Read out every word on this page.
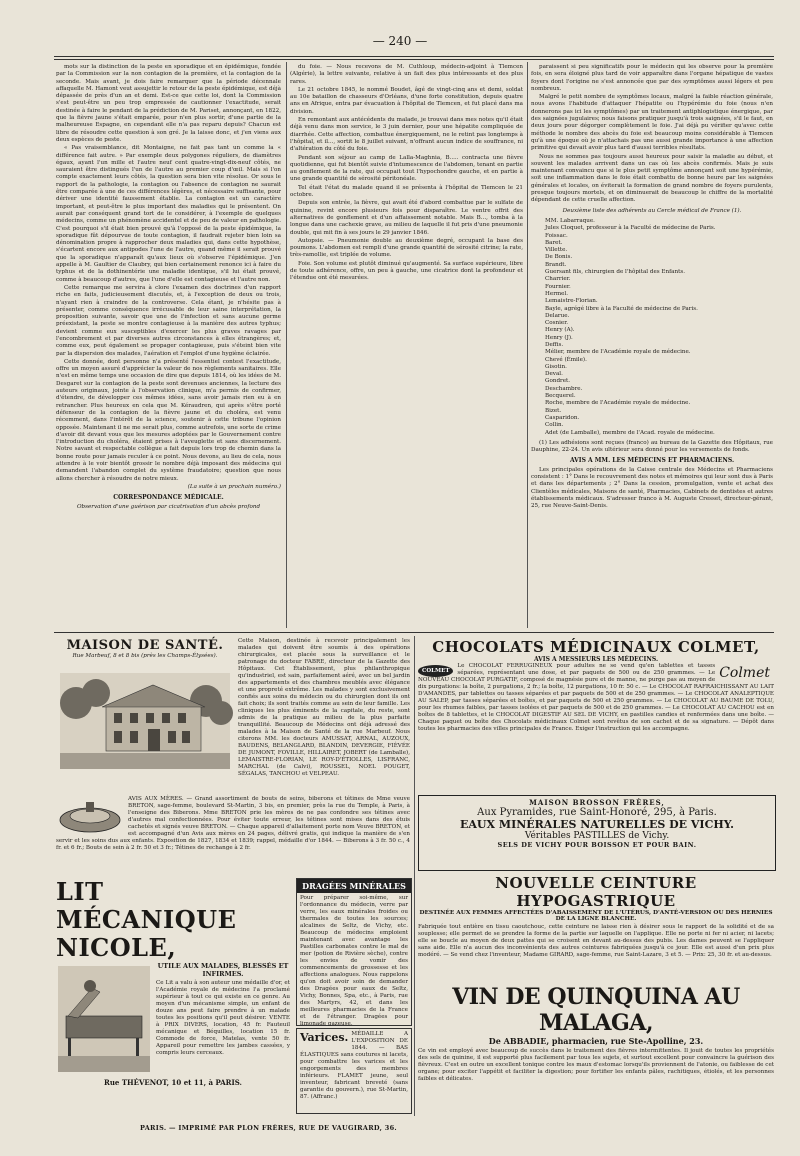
— 240 —

mots sur la distinction de la peste en sporadique et en épidémique, fondée par la Commission sur la non contagion de la première, et la contagion de la seconde. Mais avant, je dois faire remarquer que la période décennale affaquelle M. Hamont veut assujettir le retour de la peste épidémique, est déjà dépassée de près d'un an et demi. Est-ce que cette loi, dont la Commission s'est peut-être un peu trop empressée de cautionner l'exactitude, serait destinée à faire le pendant de la prédiction de M. Pariset, annonçant, en 1822, que la fièvre jaune s'était emparée, pour n'en plus sortir, d'une partie de la malheureuse Espagne, en cependant elle n'a pas reparu depuis? Chacun est libre de résoudre cette question à son gré. Je la laisse donc, et j'en viens aux deux espèces de peste.

« Pas vraisemblance, dit Montaigne, ne fait pas tant un comme la « différence fait autre. » Par exemple deux polygones réguliers, de diamètres égaux, ayant l'un mille et l'autre neuf cent quatre-vingt-dix-neuf côtés, ne sauraient être distingués l'un de l'autre au premier coup d'œil. Mais si l'on compte exactement leurs côtés, la question sera bien vite résolue. Or sous le rapport de la pathologie, la contagion ou l'absence de contagion ne saurait être comparée à une de ces différences légères, et nécessaire suffisante, pour dériver une identité faussement établie. La contagion est un caractère important, et peut-être le plus important des maladies qui le présentent. On aurait par conséquent grand tort de le considérer, à l'exemple de quelques médecins, comme un phénomène accidentel et de peu de valeur en pathologie. C'est pourquoi s'il était bien prouvé qu'à l'opposé de la peste épidémique, la sporadique fût dépourvue de toute contagion, il faudrait rejeter bien loin sa dénomination propre à rapprocher deux maladies qui, dans cette hypothèse, s'écartent encore aux antipodes l'une de l'autre, quand même il serait prouvé que la sporadique n'apparaît qu'aux lieux où s'observe l'épidémique. J'en appelle à M. Gaultier de Claubry, qui bien certainement renonce ici à faire du typhus et de la dothinentérie une maladie identique, s'il lui était prouvé, comme à beaucoup d'autres, que l'une d'elle est contagieuse et l'autre non.

Cette remarque me servira à clore l'examen des doctrines d'un rapport riche en faits, judicieusement discutés, et, à l'exception de deux ou trois, n'ayant rien à craindre de la controverse. Cela étant, je n'hésite pas à présenter, comme conséquence irrécusable de leur saine interprétation, la proposition suivante, savoir que une de l'infection et sans aucune germe préexistant, la peste se montre contagieuse à la manière des autres typhus; devient comme eux susceptibles d'exercer les plus graves ravages par l'encombrement et par diverses autres circonstances à elles étrangères; et, comme eux, peut également se propager contagieuse, puis s'éteint bien vite par la dispersion des malades, l'aération et l'emploi d'une hygiène éclairée.

Cette donnée, dont personne n'a présenté l'essentiel contest l'exactitude, offre un moyen assuré d'apprécier la valeur de nos règlements sanitaires. Elle n'est en même temps une occasion de dire que depuis 1814, où les idées de M. Desgaret sur la contagion de la peste sont devenues anciennes, la lecture des auteurs originaux, jointe à l'observation clinique, m'a permis de confirmer, d'étendre, de développer ces mêmes idées, sans avoir jamais rien eu à en retrancher. Plus heureux en cela que M. Kéraudren, qui après s'être porté défenseur de la contagion de la fièvre jaune et du choléra, est venu récemment, dans l'intérêt de la science, soutenir à cette tribune l'opinion opposée. Maintenant il ne me serait plus, comme autrefois, une sorte de crime d'avoir dit devant vous que les mesures adoptées par le Gouvernement contre l'introduction du choléra, étaient prises à l'aveuglette et sans discernement. Notre savant et respectable collègue a fait depuis lors trop de chemin dans la bonne route pour jamais reculer à ce point. Nous devons, au lieu de cela, nous attendre à le voir bientôt grossir le nombre déjà imposant des médecins qui demandent l'abandon complet du système fraudatoire; question que nous allons chercher à résoudre de notre mieux.

(La suite à un prochain numéro.)
CORRESPONDANCE MÉDICALE.

Observation d'une guérison par cicatrisation d'un abcès profond

du foie. — Nous recevons de M. Cuthloup, médecin-adjoint à Tlemcen (Algérie), la lettre suivante, relative à un fait des plus intéressants et des plus rares.

Le 21 octobre 1845, le nommé Boudet, âgé de vingt-cinq ans et demi, soldat au 10e bataillon de chasseurs d'Orléans, d'une forte constitution, depuis quatre ans en Afrique, entra par évacuation à l'hôpital de Tlemcen, et fut placé dans ma division.

En remontant aux antécédents du malade, je trouvai dans mes notes qu'il était déjà venu dans mon service, le 3 juin dernier, pour une hépatite compliquée de diarrhée. Cette affection, combattue énergiquement, ne le retint pas longtemps à l'hôpital, et il..., sortit le 8 juillet suivant, n'offrant aucun indice de souffrance, ni d'altération du côté du foie.

Pendant son séjour au camp de Lalla-Maghnia, B..... contracta une fièvre quotidienne, qui fut bientôt suivie d'intumescence de l'abdomen, tenant en partie au gonflement de la rate, qui occupait tout l'hypochondre gauche, et en partie à une grande quantité de sérosité péritonéale.

Tel était l'état du malade quand il se présenta à l'hôpital de Tlemcen le 21 octobre.

Depuis son entrée, la fièvre, qui avait été d'abord combattue par le sulfate de quinine, revint encore plusieurs fois pour disparaître. Le ventre offrit des alternatives de gonflement et d'un affaissement notable. Mais B..., tomba à la longue dans une cachexie grave, au milieu de laquelle il fut pris d'une pneumonie double, qui mit fin à ses jours le 29 janvier 1846.

Autopsie. — Pneumonie double au deuxième degré, occupant la base des poumons. L'abdomen est rempli d'une grande quantité de sérosité citrine; la rate, très-ramollie, est triplée de volume.

Foie. Son volume est plutôt diminué qu'augmenté. Sa surface supérieure, libre de toute adhérence, offre, un peu à gauche, une cicatrice dont la profondeur et l'étendue ont été mesurées.

paraissent si peu significatifs pour le médecin qui les observe pour la première fois, en sera éloigné plus tard de voir apparaître dans l'organe hépatique de vastes foyers dont l'origine ne s'est annoncée que par des symptômes aussi légers et peu nombreux.

Malgré le petit nombre de symptômes locaux, malgré la faible réaction générale, nous avons l'habitude d'attaquer l'hépatite ou l'hypérémie du foie (nous n'en donnerons pas ici les symptômes) par un traitement antiphlogistique énergique, par des saignées jugulaires; nous faisons pratiquer jusqu'à trois saignées, s'il le faut, en deux jours pour dégorger complètement le foie. J'ai déjà pu vérifier qu'avec cette méthode le nombre des abcès du foie est beaucoup moins considérable à Tlemcen qu'à une époque où je n'attachais pas une aussi grande importance à une affection primitive qui devait avoir plus tard d'aussi terribles résultats.

Nous ne sommes pas toujours aussi heureux pour saisir la maladie au début, et souvent les malades arrivent dans un cas où les abcès confirmés. Mais je suis maintenant convaincu que si le plus petit symptôme annonçant soit une hypérémie, soit une inflammation dans le foie était combattu de bonne heure par les saignées générales et locales, on éviterait la formation de grand nombre de foyers purulents, presque toujours mortels, et on diminuerait de beaucoup le chiffre de la mortalité dépendant de cette cruelle affection.

Deuxième liste des adhérents au Cercle médical de France (1).

MM. Labarraque.
Jules Cloquet, professeur à la Faculté de médecine de Paris.
Foissac.
Baret.
Villette.
De Bonis.
Brandt.
Guersant fils, chirurgien de l'hôpital des Enfants.
Charrier.
Fournier.
Hermel.
Lemaistre-Florian.
Bayle, agrégé libre à la Faculté de médecine de Paris.
Delarue.
Cosnier.
Henry (A).
Henry (J).
Deffis.
Mélier, membre de l'Académie royale de médecine.
Chevé (Émile).
Gisotin.
Deval.
Gondret.
Deschambre.
Becquerel.
Roche, membre de l'Académie royale de médecine.
Bizet.
Casparidon.
Collin.
Adet (de Lamballe), membre de l'Acad. royale de médecine.

(1) Les adhésions sont reçues (franco) au bureau de la Gazette des Hôpitaux, rue Dauphine, 22-24. Un avis ultérieur sera donné pour les versements de fonds.

AVIS A MM. LES MÉDECINS ET PHARMACIENS.

Les principales opérations de la Caisse centrale des Médecins et Pharmaciens consistent : 1° Dans le recouvrement des notes et mémoires qui leur sont dus à Paris et dans les départements ; 2° Dans la cession, promulgation, vente et achat des Clientèles médicales, Maisons de santé, Pharmacies, Cabinets de dentistes et autres établissements médicaux. S'adresser franco à M. Auguste Cresset, directeur-gérant, 25, rue Neuve-Saint-Denis.

MAISON DE SANTÉ.
Rue Marbeuf, 8 et 8 bis (près les Champs-Élysées).

Cette Maison, destinée à recevoir principalement les malades qui doivent être soumis à des opérations chirurgicales, est placée sous la surveillance et le patronage du docteur FABRE, directeur de la Gazette des Hôpitaux. Cet Établissement, plus philanthropique qu'industriel, est sain, parfaitement aéré, avec un bel jardin des appartements et des chambres meublés avec élégance et une propreté extrême. Les malades y sont exclusivement confiés aux soins du médecin ou du chirurgien dont ils ont fait choix; ils sont traités comme au sein de leur famille. Les cliniques les plus éminents de la capitale, du reste, sont admis de la pratique au milieu de la plus parfaite tranquillité. Beaucoup de Médecins ont déjà adressé des malades à la Maison de Santé de la rue Marbeuf. Nous citerons MM. les docteurs AMUSSAT, ARNAL, AUZOUX, BAUDENS, BELANGLARD, BLANDIN, DEVERGIE, FIÈVÉE DE JUMONT, FOVILLE, HILLAIRET, JOBERT (de Lamballe), LEMAISTRE-FLORIAN, LE ROY-D'ÉTIOLLES, LISFRANC, MARCHAL (de Calvi), ROUSSEL, NOEL POUGET, SÉGALAS, TANCHOU et VELPEAU.

AVIS AUX MÈRES. — Grand assortiment de bouts de seins, biberons et tétines de Mme veuve BRETON, sage-femme, boulevard St-Martin, 3 bis, en premier, près la rue du Temple, à Paris, à l'enseigne des Biberons. Mme BRETON prie les mères de ne pas confondre ses tétines avec d'autres mal confectionnées. Pour éviter toute erreur, les tétines sont mises dans des étuis cachetés et signés veuve BRETON. — Chaque appareil d'allaitement porte nom Veuve BRETON, et est accompagné d'un Avis aux mères en 24 pages, délivré gratis, qui indique la manière de s'en servir et les soins dus aux enfants. Exposition de 1827, 1834 et 1839; rappel, médaille d'or 1844. — Biberons à 3 fr. 50 c., 4 fr. et 6 fr.; Bouts de sein à 2 fr. 50 et 3 fr.; Tétines de rechange à 2 fr.

LIT MÉCANIQUE NICOLE,
UTILE AUX MALADES, BLESSÉS ET INFIRMES.
Ce Lit a valu à son auteur une médaille d'or, et l'Académie royale de médecine l'a proclamé supérieur à tout ce qui existe en ce genre. Au moyen d'un mécanisme simple, un enfant de douze ans peut faire prendre à un malade toutes les positions qu'il peut désirer. VENTE à PRIX DIVERS, location, 45 fr. Fauteuil mécanique et Béquilles, location 15 fr. Commode de force, Matelas, vente 50 fr. Appareil pour remettre les jambes cassées, y compris leurs cerceaux.
Rue THÉVENOT, 10 et 11, à PARIS.
DRAGÉES MINÉRALES
Pour préparer soi-même, sur l'ordonnance du médecin, verre par verre, les eaux minérales froides ou thermales de toutes les sources; alcalines de Seltz, de Vichy, etc. Beaucoup de médecins emploient maintenant avec avantage les Pastilles carbonates contre le mal de mer (potion de Rivière sèche), contre les envies de vomir des commencements de grossesse et les affections analogues. Nous rappelons qu'on doit avoir soin de demander des Dragées pour eaux de Seltz, Vichy, Bonnes, Spa, etc., à Paris, rue des Martyrs, 42, et dans les meilleures pharmacies de la France et de l'étranger. Dragées pour limonade gazeuse.
Varices. MÉDAILLE A L'EXPOSITION DE 1844. — BAS ÉLASTIQUES sans coutures ni lacets, pour combattre les varices et les engorgements des membres inférieurs. FLAMET jeune, seul inventeur, fabricant breveté (sans garantie du gouvern.), rue St-Martin, 87. (Affranc.)
CHOCOLATS MÉDICINAUX COLMET,
AVIS A MESSIEURS LES MÉDECINS.
COLMET	Colmet
Le CHOCOLAT FERRUGINEUX pour adultes ne se vend qu'en tablettes et tasses séparées, représentant une dose, et par paquets de 500 ou de 250 grammes. — Le NOUVEAU CHOCOLAT PURGATIF, composé de magnésie pure et de manne, ne purge pas au moyen de dix purgations: la boîte, 2 purgations, 2 fr.; la boîte, 12 purgations, 10 fr. 50 c. — Le CHOCOLAT RAFRAICHISSANT AU LAIT D'AMANDES, par tablettes ou tasses séparées et par paquets de 500 et de 250 grammes. — Le CHOCOLAT ANALEPTIQUE AU SALEP, par tasses séparées et boîtes, et par paquets de 500 et 250 grammes. — Le CHOCOLAT AU BAUME DE TOLU, pour les rhumes faibles, par tasses isolées et par paquets de 500 et de 250 grammes. — Le CHOCOLAT AU CACHOU est en boîtes de 8 tablettes, et le CHOCOLAT DIGESTIF AU SEL DE VICHY, en pastilles candies et renfermées dans une boîte. — Chaque paquet ou boîte des Chocolats médicinaux Colmet sont revêtus de son cachet et de sa signature. — Dépôt dans toutes les pharmacies des villes principales de France. Exiger l'instruction qui les accompagne.
MAISON BROSSON FRÈRES,
Aux Pyramides, rue Saint-Honoré, 295, à Paris.
EAUX MINÉRALES NATURELLES DE VICHY.
Véritables PASTILLES de Vichy.
SELS DE VICHY POUR BOISSON ET POUR BAIN.
NOUVELLE CEINTURE HYPOGASTRIQUE
DESTINÉE AUX FEMMES AFFECTÉES D'ABAISSEMENT DE L'UTÉRUS, D'ANTÉ-VERSION OU DES HERNIES DE LA LIGNE BLANCHE.
Fabriquée tout entière en tissu caoutchouc, cette ceinture ne laisse rien à désirer sous le rapport de la solidité et de sa souplesse; elle permet de se prendre la forme de la partie sur laquelle on l'applique. Elle ne porte ni fer ni acier, ni lacets; elle se boucle au moyen de deux pattes qui se croisent en devant au-dessus des pubis. Les dames peuvent se l'appliquer sans aide. Elle n'a aucun des inconvénients des autres ceintures fabriquées jusqu'à ce jour. Elle est aussi d'un prix plus modéré. — Se vend chez l'inventeur, Madame GIRARD, sage-femme, rue Saint-Lazare, 3 et 5. — Prix: 25, 30 fr. et au-dessus.
VIN DE QUINQUINA AU MALAGA,
De ABBADIE, pharmacien, rue Ste-Apolline, 23.
Ce vin est employé avec beaucoup de succès dans le traitement des fièvres intermittentes. Il jouit de toutes les propriétés des sels de quinine, il est supporté plus facilement par tous les sujets, et surtout excellent pour convaincre la guérison des fièvreux. C'est en outre un excellent tonique contre les maux d'estomac lorsqu'ils proviennent de l'atonie, ou faiblesse de cet organe; pour exciter l'appétit et faciliter la digestion; pour fortifier les enfants pâles, rachitiques, étiolés, et les personnes faibles et délicates.
PARIS. — IMPRIMÉ PAR PLON FRÈRES, RUE DE VAUGIRARD, 36.
